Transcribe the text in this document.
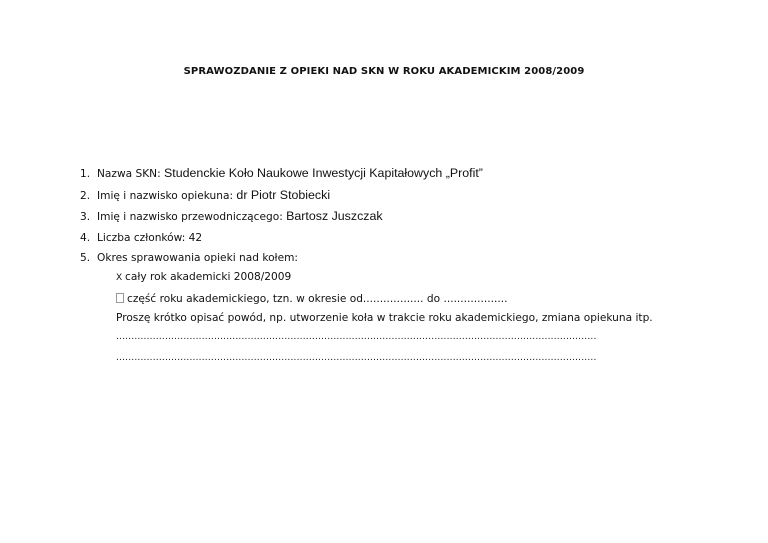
SPRAWOZDANIE Z OPIEKI NAD SKN W ROKU AKADEMICKIM 2008/2009
1. Nazwa SKN: Studenckie Koło Naukowe Inwestycji Kapitałowych „Profit”
2. Imię i nazwisko opiekuna: dr Piotr Stobiecki
3. Imię i nazwisko przewodniczącego: Bartosz Juszczak
4. Liczba członków: 42
5. Okres sprawowania opieki nad kołem:
X cały rok akademicki 2008/2009
część roku akademickiego, tzn. w okresie od.................. do ...................
Proszę krótko opisać powód, np. utworzenie koła w trakcie roku akademickiego, zmiana opiekuna itp.
.............................................................................................................................................................
.............................................................................................................................................................
